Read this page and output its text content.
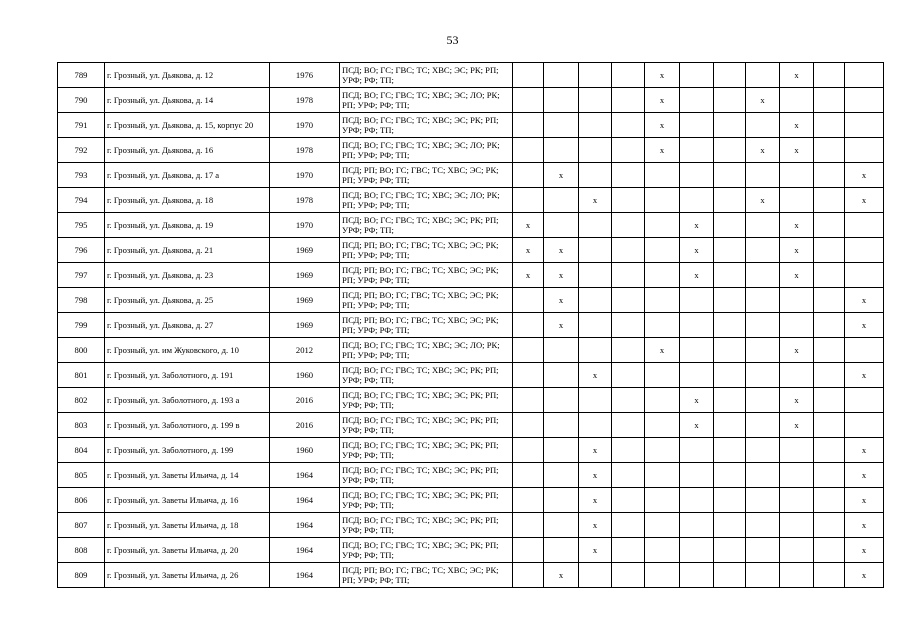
53
789	г. Грозный, ул. Дьякова, д. 12	1976	ПСД; ВО; ГС; ГВС; ТС; ХВС; ЭС; РК; РП; УРФ; РФ; ТП;					х				х		
790	г. Грозный, ул. Дьякова, д. 14	1978	ПСД; ВО; ГС; ГВС; ТС; ХВС; ЭС; ЛО; РК; РП; УРФ; РФ; ТП;					х			х			
791	г. Грозный, ул. Дьякова, д. 15, корпус 20	1970	ПСД; ВО; ГС; ГВС; ТС; ХВС; ЭС; РК; РП; УРФ; РФ; ТП;					х				х		
792	г. Грозный, ул. Дьякова, д. 16	1978	ПСД; ВО; ГС; ГВС; ТС; ХВС; ЭС; ЛО; РК; РП; УРФ; РФ; ТП;					х			х	х		
793	г. Грозный, ул. Дьякова, д. 17 а	1970	ПСД; РП; ВО; ГС; ГВС; ТС; ХВС; ЭС; РК; РП; УРФ; РФ; ТП;		х									х
794	г. Грозный, ул. Дьякова, д. 18	1978	ПСД; ВО; ГС; ГВС; ТС; ХВС; ЭС; ЛО; РК; РП; УРФ; РФ; ТП;			х					х			х
795	г. Грозный, ул. Дьякова, д. 19	1970	ПСД; ВО; ГС; ГВС; ТС; ХВС; ЭС; РК; РП; УРФ; РФ; ТП;	х					х			х		
796	г. Грозный, ул. Дьякова, д. 21	1969	ПСД; РП; ВО; ГС; ГВС; ТС; ХВС; ЭС; РК; РП; УРФ; РФ; ТП;	х	х				х			х		
797	г. Грозный, ул. Дьякова, д. 23	1969	ПСД; РП; ВО; ГС; ГВС; ТС; ХВС; ЭС; РК; РП; УРФ; РФ; ТП;	х	х				х			х		
798	г. Грозный, ул. Дьякова, д. 25	1969	ПСД; РП; ВО; ГС; ГВС; ТС; ХВС; ЭС; РК; РП; УРФ; РФ; ТП;		х									х
799	г. Грозный, ул. Дьякова, д. 27	1969	ПСД; РП; ВО; ГС; ГВС; ТС; ХВС; ЭС; РК; РП; УРФ; РФ; ТП;		х									х
800	г. Грозный, ул. им Жуковского, д. 10	2012	ПСД; ВО; ГС; ГВС; ТС; ХВС; ЭС; ЛО; РК; РП; УРФ; РФ; ТП;					х				х		
801	г. Грозный, ул. Заболотного, д. 191	1960	ПСД; ВО; ГС; ГВС; ТС; ХВС; ЭС; РК; РП; УРФ; РФ; ТП;			х								х
802	г. Грозный, ул. Заболотного, д. 193 а	2016	ПСД; ВО; ГС; ГВС; ТС; ХВС; ЭС; РК; РП; УРФ; РФ; ТП;						х			х		
803	г. Грозный, ул. Заболотного, д. 199 в	2016	ПСД; ВО; ГС; ГВС; ТС; ХВС; ЭС; РК; РП; УРФ; РФ; ТП;						х			х		
804	г. Грозный, ул. Заболотного, д. 199	1960	ПСД; ВО; ГС; ГВС; ТС; ХВС; ЭС; РК; РП; УРФ; РФ; ТП;			х								х
805	г. Грозный, ул. Заветы Ильича, д. 14	1964	ПСД; ВО; ГС; ГВС; ТС; ХВС; ЭС; РК; РП; УРФ; РФ; ТП;			х								х
806	г. Грозный, ул. Заветы Ильича, д. 16	1964	ПСД; ВО; ГС; ГВС; ТС; ХВС; ЭС; РК; РП; УРФ; РФ; ТП;			х								х
807	г. Грозный, ул. Заветы Ильича, д. 18	1964	ПСД; ВО; ГС; ГВС; ТС; ХВС; ЭС; РК; РП; УРФ; РФ; ТП;			х								х
808	г. Грозный, ул. Заветы Ильича, д. 20	1964	ПСД; ВО; ГС; ГВС; ТС; ХВС; ЭС; РК; РП; УРФ; РФ; ТП;			х								х
809	г. Грозный, ул. Заветы Ильича, д. 26	1964	ПСД; РП; ВО; ГС; ГВС; ТС; ХВС; ЭС; РК; РП; УРФ; РФ; ТП;		х									х
